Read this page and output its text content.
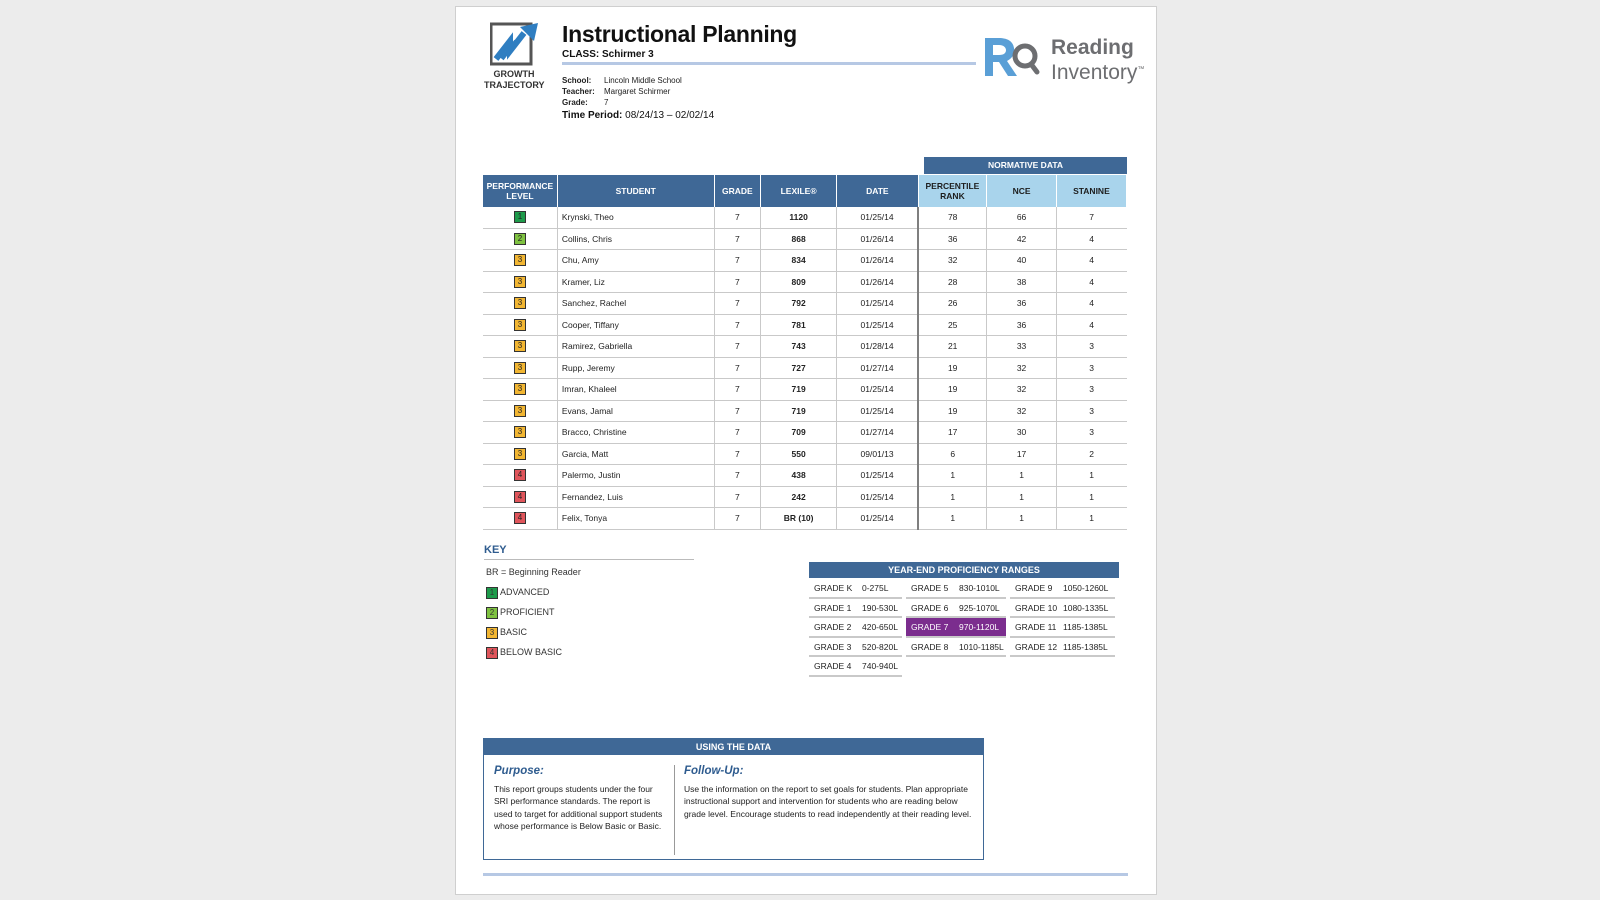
GROWTH
TRAJECTORY
Instructional Planning
CLASS: Schirmer 3
School:	Lincoln Middle School
Teacher:	Margaret Schirmer
Grade:	7
Time Period: 08/24/13 – 02/02/14
Reading
Inventory™
NORMATIVE DATA
PERFORMANCE LEVEL	STUDENT	GRADE	LEXILE®	DATE	PERCENTILE RANK	NCE	STANINE
1	Krynski, Theo	7	1120	01/25/14	78	66	7
2	Collins, Chris	7	868	01/26/14	36	42	4
3	Chu, Amy	7	834	01/26/14	32	40	4
3	Kramer, Liz	7	809	01/26/14	28	38	4
3	Sanchez, Rachel	7	792	01/25/14	26	36	4
3	Cooper, Tiffany	7	781	01/25/14	25	36	4
3	Ramirez, Gabriella	7	743	01/28/14	21	33	3
3	Rupp, Jeremy	7	727	01/27/14	19	32	3
3	Imran, Khaleel	7	719	01/25/14	19	32	3
3	Evans, Jamal	7	719	01/25/14	19	32	3
3	Bracco, Christine	7	709	01/27/14	17	30	3
3	Garcia, Matt	7	550	09/01/13	6	17	2
4	Palermo, Justin	7	438	01/25/14	1	1	1
4	Fernandez, Luis	7	242	01/25/14	1	1	1
4	Felix, Tonya	7	BR (10)	01/25/14	1	1	1
KEY
BR = Beginning Reader
1 ADVANCED
2 PROFICIENT
3 BASIC
4 BELOW BASIC
YEAR-END PROFICIENCY RANGES
GRADE K 0-275L	GRADE 5 830-1010L	GRADE 9 1050-1260L
GRADE 1 190-530L	GRADE 6 925-1070L	GRADE 10 1080-1335L
GRADE 2 420-650L	GRADE 7 970-1120L	GRADE 11 1185-1385L
GRADE 3 520-820L	GRADE 8 1010-1185L	GRADE 12 1185-1385L
GRADE 4 740-940L
USING THE DATA
Purpose:
This report groups students under the four SRI performance standards. The report is used to target for additional support students whose performance is Below Basic or Basic.
Follow-Up:
Use the information on the report to set goals for students. Plan appropriate instructional support and intervention for students who are reading below grade level. Encourage students to read independently at their reading level.
